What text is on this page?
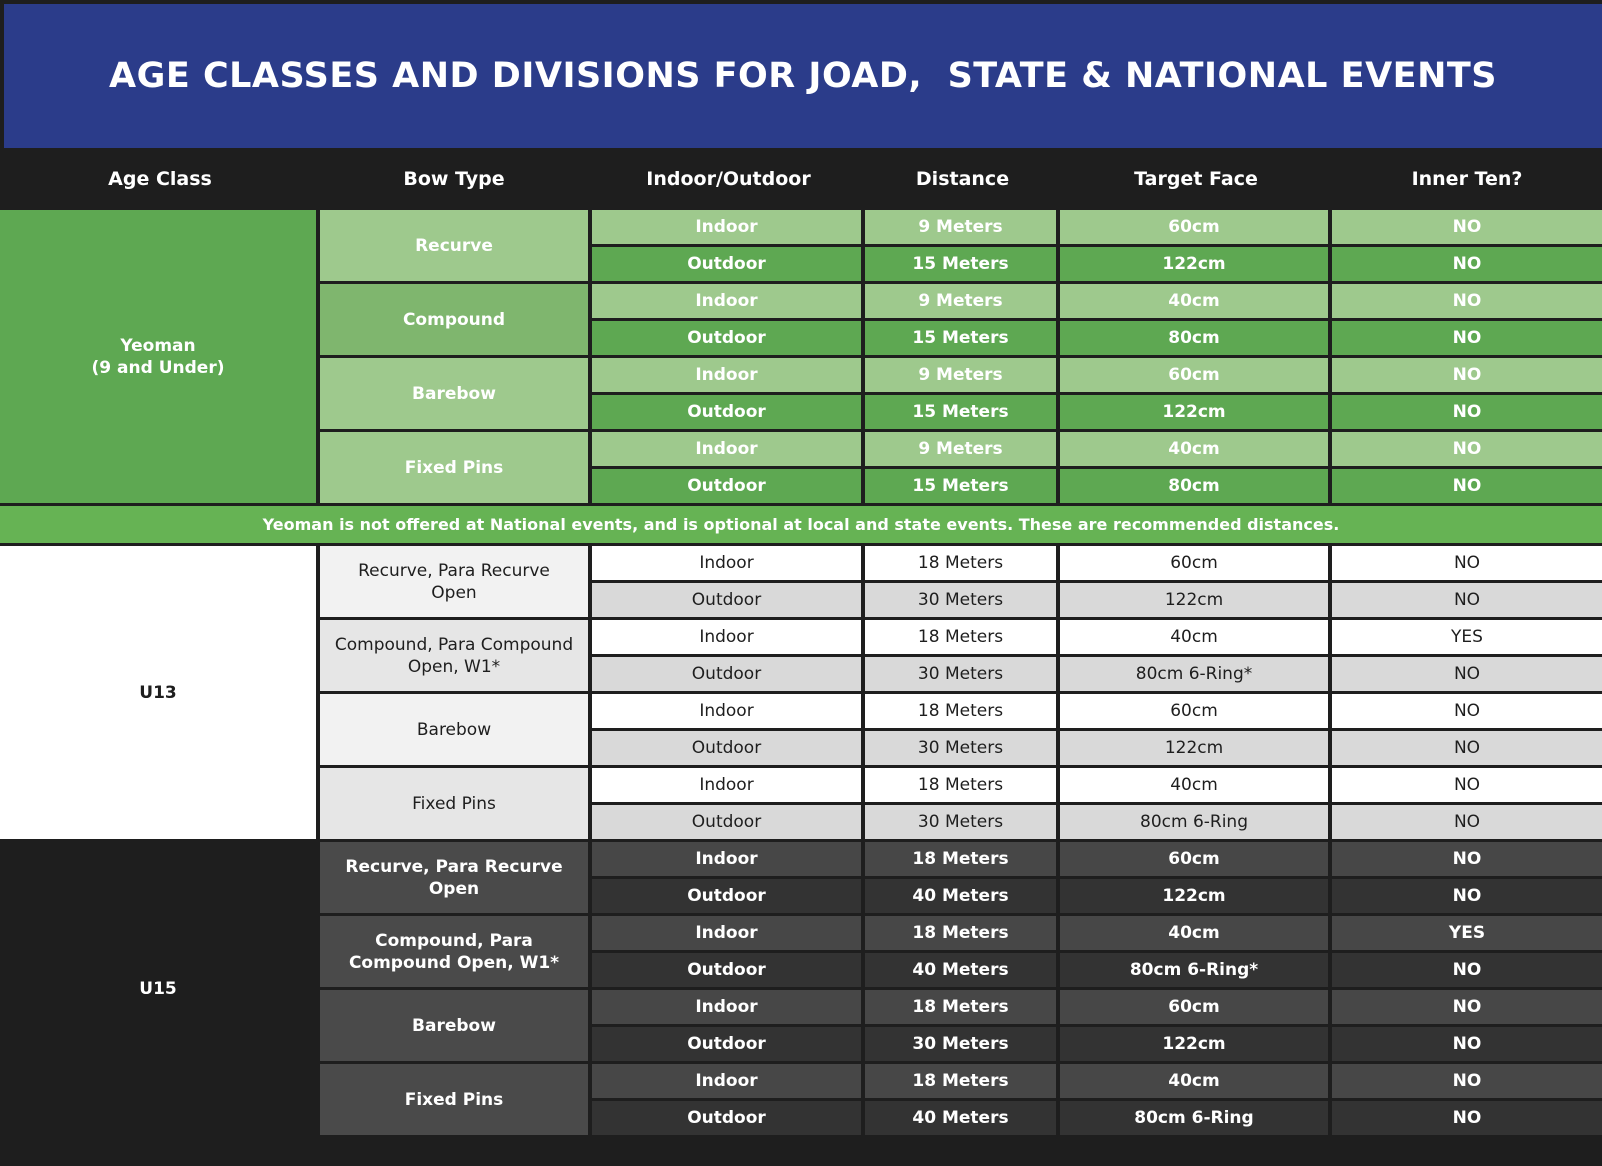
AGE CLASSES AND DIVISIONS FOR JOAD,  STATE & NATIONAL EVENTS
Age Class	Bow Type	Indoor/Outdoor	Distance	Target Face	Inner Ten?
Yeoman
(9 and Under)	Recurve	Indoor	9 Meters	60cm	NO
		Outdoor	15 Meters	122cm	NO
	Compound	Indoor	9 Meters	40cm	NO
		Outdoor	15 Meters	80cm	NO
	Barebow	Indoor	9 Meters	60cm	NO
		Outdoor	15 Meters	122cm	NO
	Fixed Pins	Indoor	9 Meters	40cm	NO
		Outdoor	15 Meters	80cm	NO
Yeoman is not offered at National events, and is optional at local and state events. These are recommended distances.					
U13	Recurve, Para Recurve Open	Indoor	18 Meters	60cm	NO
		Outdoor	30 Meters	122cm	NO
	Compound, Para Compound Open, W1*	Indoor	18 Meters	40cm	YES
		Outdoor	30 Meters	80cm 6-Ring*	NO
	Barebow	Indoor	18 Meters	60cm	NO
		Outdoor	30 Meters	122cm	NO
	Fixed Pins	Indoor	18 Meters	40cm	NO
		Outdoor	30 Meters	80cm 6-Ring	NO
U15	Recurve, Para Recurve Open	Indoor	18 Meters	60cm	NO
		Outdoor	40 Meters	122cm	NO
	Compound, Para Compound Open, W1*	Indoor	18 Meters	40cm	YES
		Outdoor	40 Meters	80cm 6-Ring*	NO
	Barebow	Indoor	18 Meters	60cm	NO
		Outdoor	30 Meters	122cm	NO
	Fixed Pins	Indoor	18 Meters	40cm	NO
		Outdoor	40 Meters	80cm 6-Ring	NO
